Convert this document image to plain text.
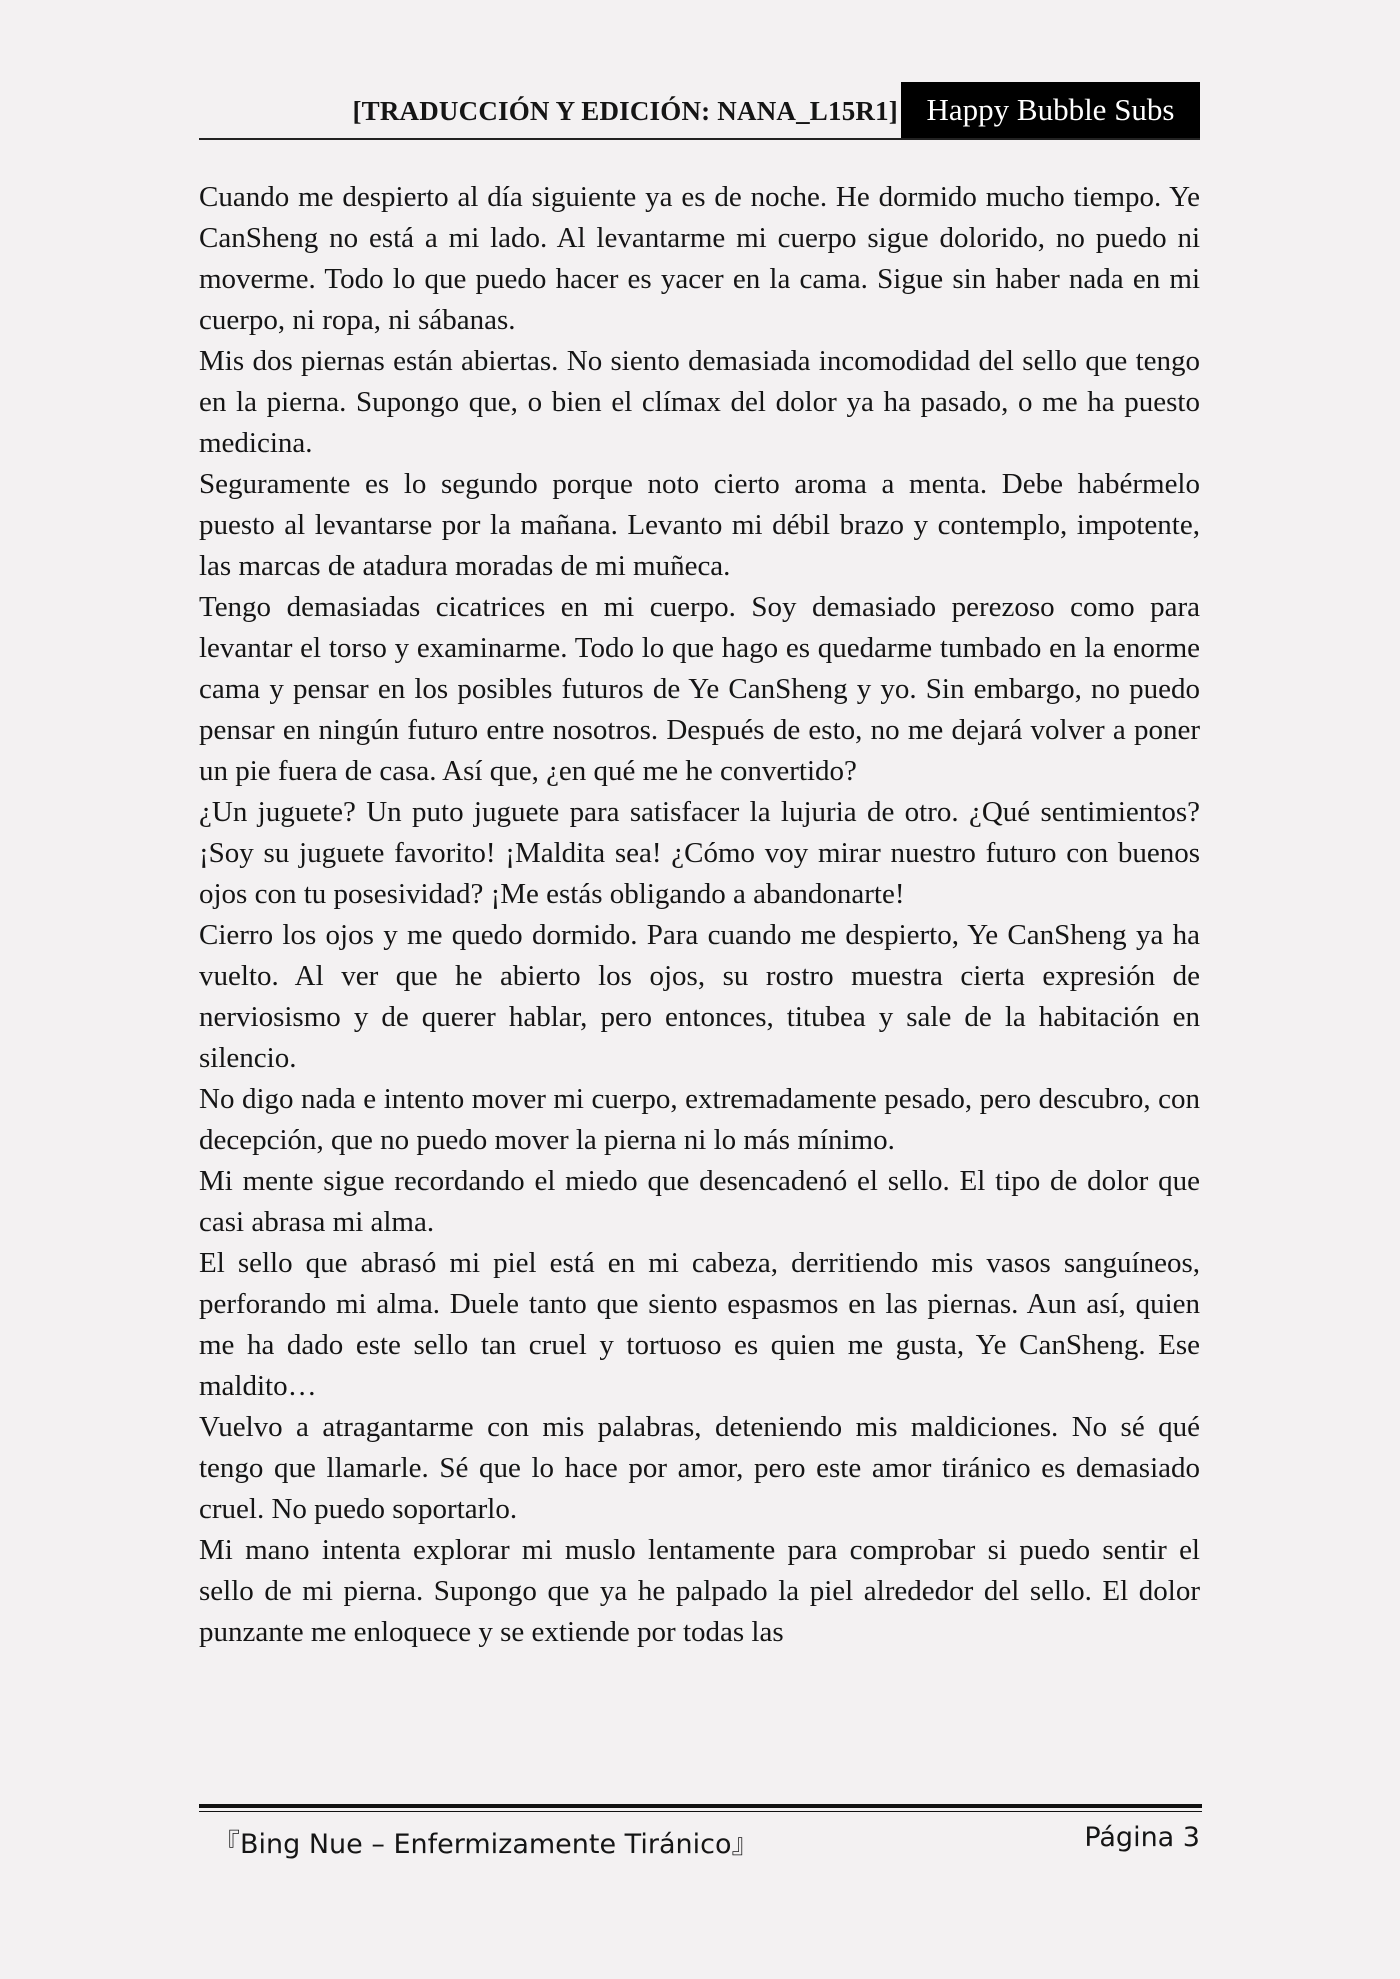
[TRADUCCIÓN Y EDICIÓN: NANA_L15R1] Happy Bubble Subs

Cuando me despierto al día siguiente ya es de noche. He dormido mucho tiempo. Ye CanSheng no está a mi lado. Al levantarme mi cuerpo sigue dolorido, no puedo ni moverme. Todo lo que puedo hacer es yacer en la cama. Sigue sin haber nada en mi cuerpo, ni ropa, ni sábanas.

Mis dos piernas están abiertas. No siento demasiada incomodidad del sello que tengo en la pierna. Supongo que, o bien el clímax del dolor ya ha pasado, o me ha puesto medicina.

Seguramente es lo segundo porque noto cierto aroma a menta. Debe habérmelo puesto al levantarse por la mañana. Levanto mi débil brazo y contemplo, impotente, las marcas de atadura moradas de mi muñeca.

Tengo demasiadas cicatrices en mi cuerpo. Soy demasiado perezoso como para levantar el torso y examinarme. Todo lo que hago es quedarme tumbado en la enorme cama y pensar en los posibles futuros de Ye CanSheng y yo. Sin embargo, no puedo pensar en ningún futuro entre nosotros. Después de esto, no me dejará volver a poner un pie fuera de casa. Así que, ¿en qué me he convertido?

¿Un juguete? Un puto juguete para satisfacer la lujuria de otro. ¿Qué sentimientos? ¡Soy su juguete favorito! ¡Maldita sea! ¿Cómo voy mirar nuestro futuro con buenos ojos con tu posesividad? ¡Me estás obligando a abandonarte!

Cierro los ojos y me quedo dormido. Para cuando me despierto, Ye CanSheng ya ha vuelto. Al ver que he abierto los ojos, su rostro muestra cierta expresión de nerviosismo y de querer hablar, pero entonces, titubea y sale de la habitación en silencio.

No digo nada e intento mover mi cuerpo, extremadamente pesado, pero descubro, con decepción, que no puedo mover la pierna ni lo más mínimo.

Mi mente sigue recordando el miedo que desencadenó el sello. El tipo de dolor que casi abrasa mi alma.

El sello que abrasó mi piel está en mi cabeza, derritiendo mis vasos sanguíneos, perforando mi alma. Duele tanto que siento espasmos en las piernas. Aun así, quien me ha dado este sello tan cruel y tortuoso es quien me gusta, Ye CanSheng. Ese maldito…

Vuelvo a atragantarme con mis palabras, deteniendo mis maldiciones. No sé qué tengo que llamarle. Sé que lo hace por amor, pero este amor tiránico es demasiado cruel. No puedo soportarlo.

Mi mano intenta explorar mi muslo lentamente para comprobar si puedo sentir el sello de mi pierna. Supongo que ya he palpado la piel alrededor del sello. El dolor punzante me enloquece y se extiende por todas las

『Bing Nue – Enfermizamente Tiránico』	Página 3
